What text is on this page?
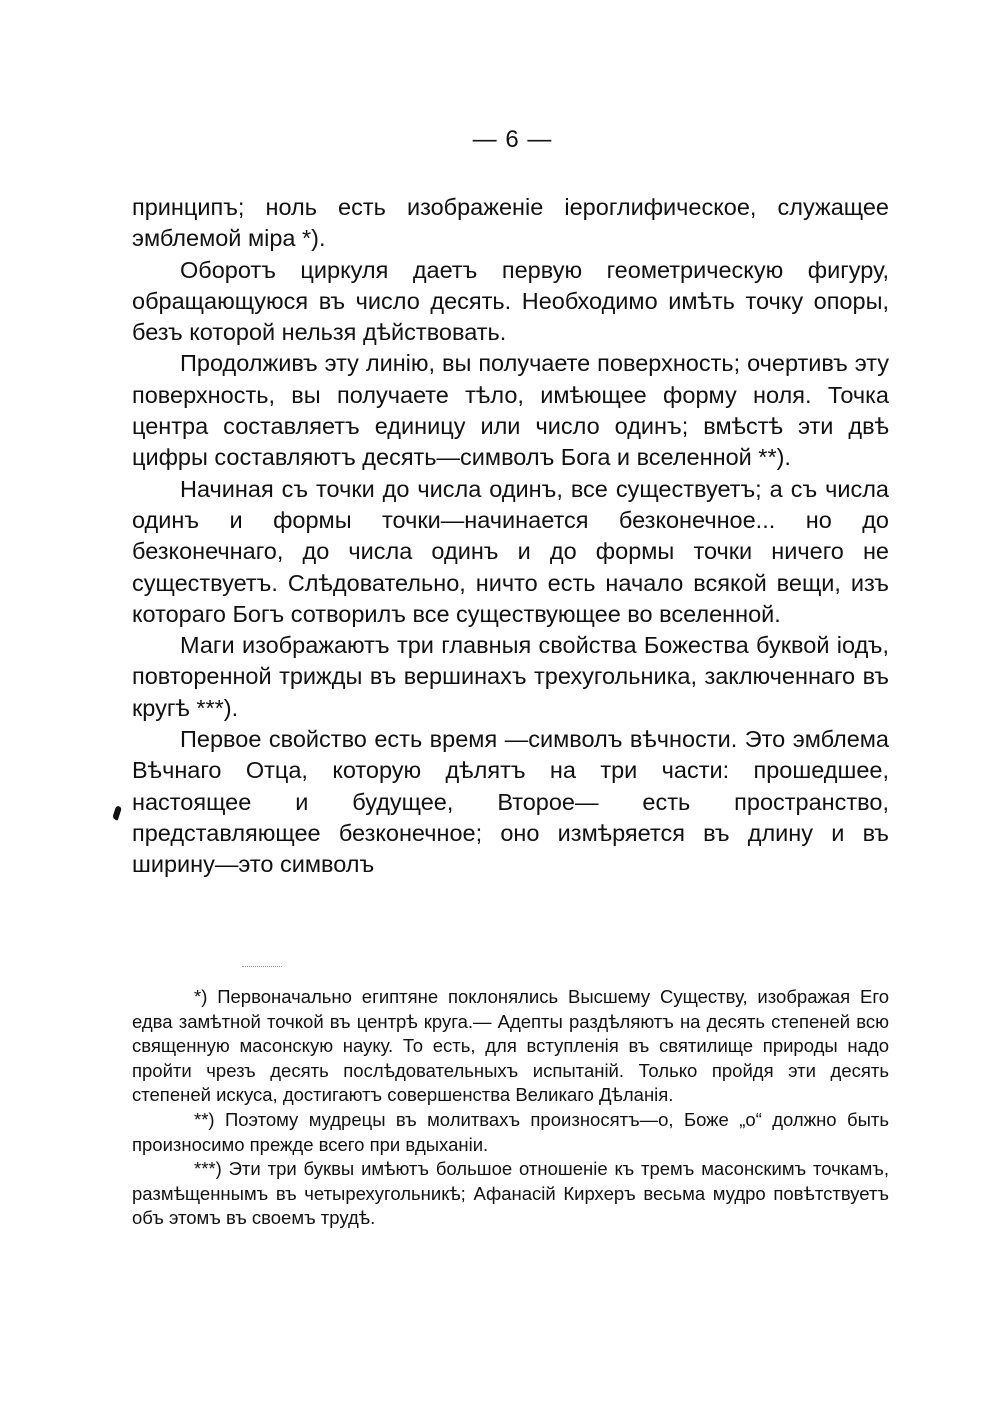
— 6 —

принципъ; ноль есть изображенiе iероглифическое, служащее эмблемой мiра *).

Оборотъ циркуля даетъ первую геометрическую фигуру, обращающуюся въ число десять. Необходимо имѣть точку опоры, безъ которой нельзя дѣйствовать.

Продолживъ эту линiю, вы получаете поверхность; очертивъ эту поверхность, вы получаете тѣло, имѣющее форму ноля. Точка центра составляетъ единицу или число одинъ; вмѣстѣ эти двѣ цифры составляютъ десять—символъ Бога и вселенной **).

Начиная съ точки до числа одинъ, все существуетъ; а съ числа одинъ и формы точки—начинается безконечное... но до безконечнаго, до числа одинъ и до формы точки ничего не существуетъ. Слѣдовательно, ничто есть начало всякой вещи, изъ котораго Богъ сотворилъ все существующее во вселенной.

Маги изображаютъ три главныя свойства Божества буквой iодъ, повторенной трижды въ вершинахъ трехугольника, заключеннаго въ кругѣ ***).

Первое свойство есть время —символъ вѣчности. Это эмблема Вѣчнаго Отца, которую дѣлятъ на три части: прошедшее, настоящее и будущее, Второе— есть пространство, представляющее безконечное; оно измѣряется въ длину и въ ширину—это символъ

*) Первоначально египтяне поклонялись Высшему Существу, изображая Его едва замѣтной точкой въ центрѣ круга.— Адепты раздѣляютъ на десять степеней всю священную масонскую науку. То есть, для вступленiя въ святилище природы надо пройти чрезъ десять послѣдовательныхъ испытанiй. Только пройдя эти десять степеней искуса, достигаютъ совершенства Великаго Дѣланiя.

**) Поэтому мудрецы въ молитвахъ произносятъ—о, Боже „о“ должно быть произносимо прежде всего при вдыханiи.

***) Эти три буквы имѣютъ большое отношенiе къ тремъ масонскимъ точкамъ, размѣщеннымъ въ четырехугольникѣ; Афанасiй Кирхеръ весьма мудро повѣтствуетъ объ этомъ въ своемъ трудѣ.
